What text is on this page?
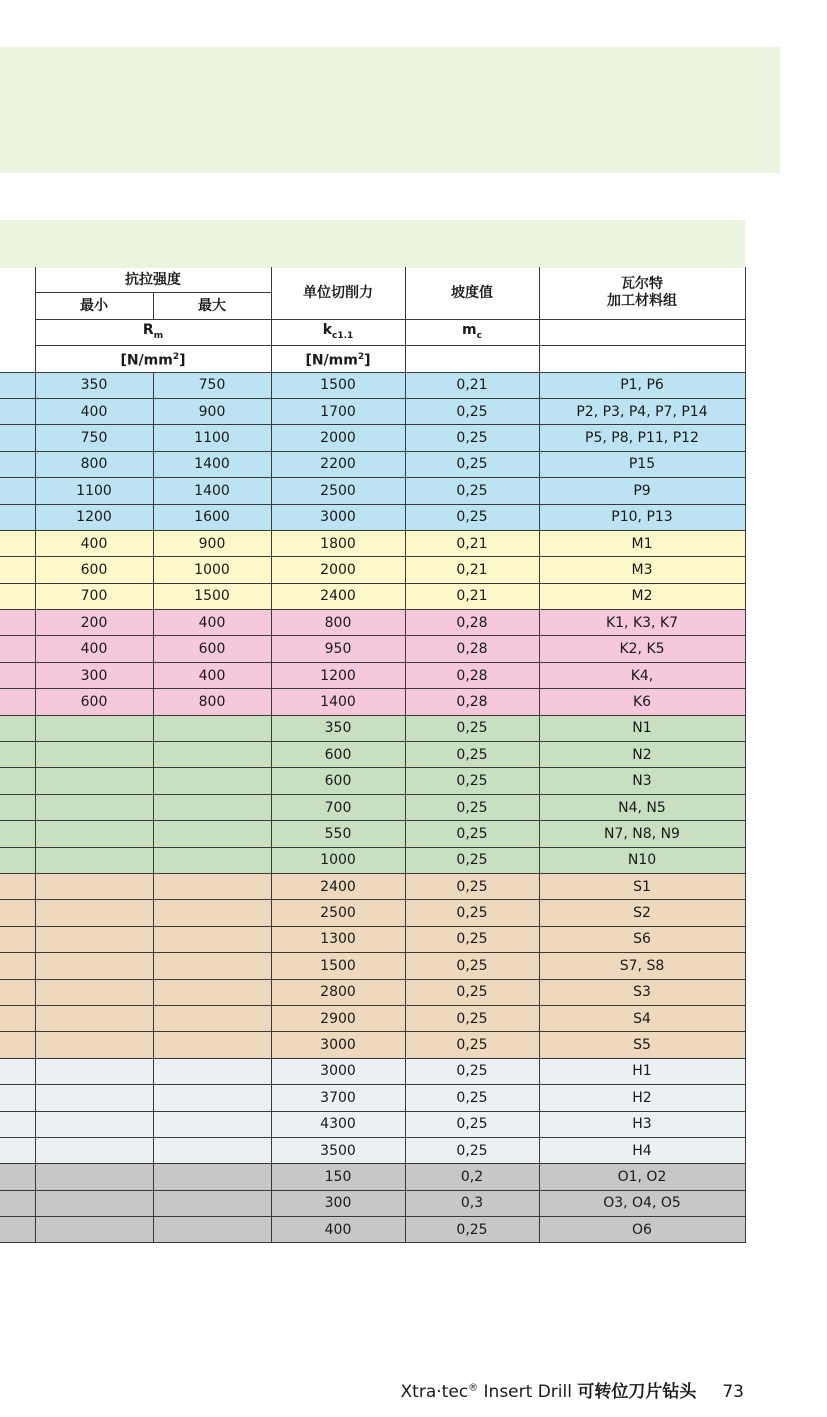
	抗拉强度		单位切削力	坡度值	瓦尔特
加工材料组

	最小	最大			
	$R_m$		$k_{c1.1}$	$m_c$	
	$[N/mm^2]$		$[N/mm^2]$		
	350	750	1500	0,21	P1, P6
	400	900	1700	0,25	P2, P3, P4, P7, P14
	750	1100	2000	0,25	P5, P8, P11, P12
	800	1400	2200	0,25	P15
	1100	1400	2500	0,25	P9
	1200	1600	3000	0,25	P10, P13
	400	900	1800	0,21	M1
	600	1000	2000	0,21	M3
	700	1500	2400	0,21	M2
	200	400	800	0,28	K1, K3, K7
	400	600	950	0,28	K2, K5
	300	400	1200	0,28	K4,
	600	800	1400	0,28	K6
			350	0,25	N1
			600	0,25	N2
			600	0,25	N3
			700	0,25	N4, N5
			550	0,25	N7, N8, N9
			1000	0,25	N10
			2400	0,25	S1
			2500	0,25	S2
			1300	0,25	S6
			1500	0,25	S7, S8
			2800	0,25	S3
			2900	0,25	S4
			3000	0,25	S5
			3000	0,25	H1
			3700	0,25	H2
			4300	0,25	H3
			3500	0,25	H4
			150	0,2	O1, O2
			300	0,3	O3, O4, O5
			400	0,25	O6
Xtra·tec® Insert Drill 可转位刀片钻头 73
